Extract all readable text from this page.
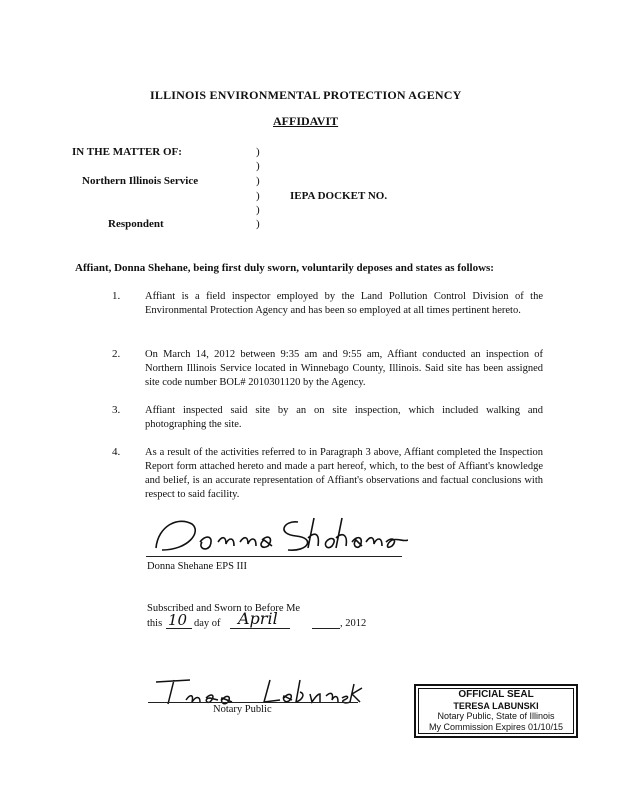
ILLINOIS ENVIRONMENTAL PROTECTION AGENCY
AFFIDAVIT
IN THE MATTER OF:
Northern Illinois Service
Respondent
IEPA DOCKET NO.
)
)
)
)
)
)
Affiant, Donna Shehane, being first duly sworn, voluntarily deposes and states as follows:
1. Affiant is a field inspector employed by the Land Pollution Control Division of the Environmental Protection Agency and has been so employed at all times pertinent hereto.
2. On March 14, 2012 between 9:35 am and 9:55 am, Affiant conducted an inspection of Northern Illinois Service located in Winnebago County, Illinois. Said site has been assigned site code number BOL# 2010301120 by the Agency.
3. Affiant inspected said site by an on site inspection, which included walking and photographing the site.
4. As a result of the activities referred to in Paragraph 3 above, Affiant completed the Inspection Report form attached hereto and made a part hereof, which, to the best of Affiant's knowledge and belief, is an accurate representation of Affiant's observations and factual conclusions with respect to said facility.
Donna Shehane EPS III
Subscribed and Sworn to Before Me
this 10 day of April	, 2012
Notary Public
OFFICIAL SEAL
TERESA LABUNSKI
Notary Public, State of Illinois
My Commission Expires 01/10/15
